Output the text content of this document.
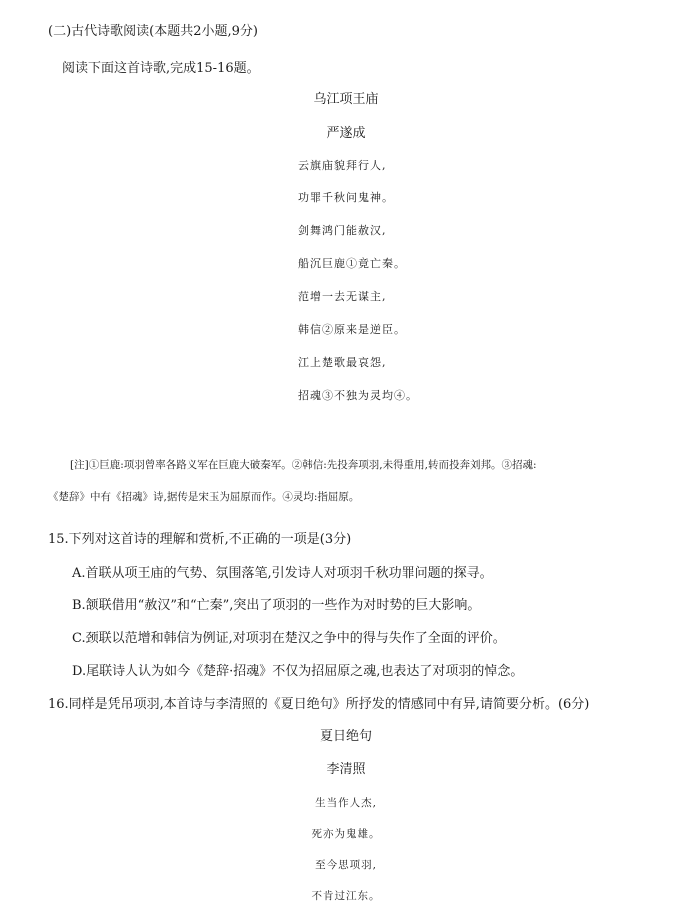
(二)古代诗歌阅读(本题共2小题,9分)
阅读下面这首诗歌,完成15-16题。
乌江项王庙
严遂成
云旗庙貌拜行人,
功罪千秋问鬼神。
剑舞鸿门能赦汉,
船沉巨鹿①竟亡秦。
范增一去无谋主,
韩信②原来是逆臣。
江上楚歌最哀怨,
招魂③不独为灵均④。
[注]①巨鹿:项羽曾率各路义军在巨鹿大破秦军。②韩信:先投奔项羽,未得重用,转而投奔刘邦。③招魂:
《楚辞》中有《招魂》诗,据传是宋玉为屈原而作。④灵均:指屈原。
15.下列对这首诗的理解和赏析,不正确的一项是(3分)
A.首联从项王庙的气势、氛围落笔,引发诗人对项羽千秋功罪问题的探寻。
B.颔联借用“赦汉”和“亡秦”,突出了项羽的一些作为对时势的巨大影响。
C.颈联以范增和韩信为例证,对项羽在楚汉之争中的得与失作了全面的评价。
D.尾联诗人认为如今《楚辞·招魂》不仅为招屈原之魂,也表达了对项羽的悼念。
16.同样是凭吊项羽,本首诗与李清照的《夏日绝句》所抒发的情感同中有异,请简要分析。(6分)
夏日绝句
李清照
生当作人杰,
死亦为鬼雄。
至今思项羽,
不肯过江东。
